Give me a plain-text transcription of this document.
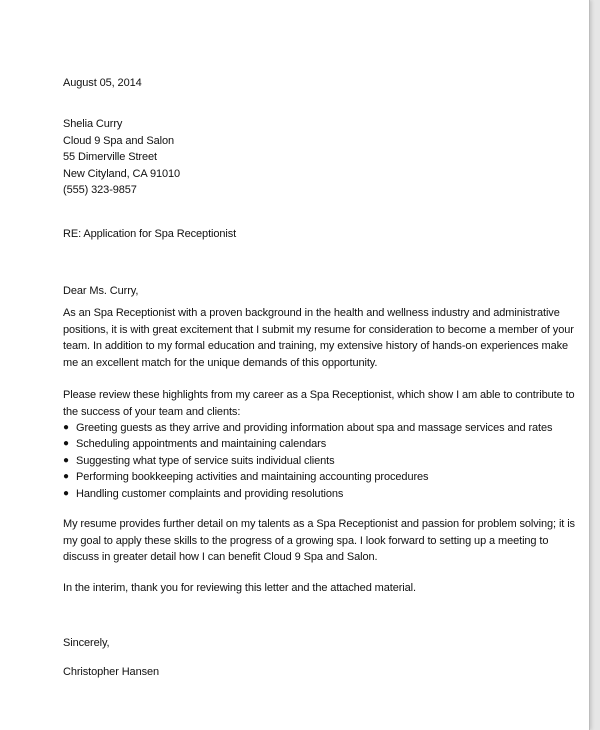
August 05, 2014
Shelia Curry
Cloud 9 Spa and Salon
55 Dimerville Street
New Cityland, CA 91010
(555) 323-9857
RE: Application for Spa Receptionist
Dear Ms. Curry,
As an Spa Receptionist with a proven background in the health and wellness industry and administrative
positions, it is with great excitement that I submit my resume for consideration to become a member of your
team. In addition to my formal education and training, my extensive history of hands-on experiences make
me an excellent match for the unique demands of this opportunity.
Please review these highlights from my career as a Spa Receptionist, which show I am able to contribute to
the success of your team and clients:
● Greeting guests as they arrive and providing information about spa and massage services and rates
● Scheduling appointments and maintaining calendars
● Suggesting what type of service suits individual clients
● Performing bookkeeping activities and maintaining accounting procedures
● Handling customer complaints and providing resolutions
My resume provides further detail on my talents as a Spa Receptionist and passion for problem solving; it is
my goal to apply these skills to the progress of a growing spa. I look forward to setting up a meeting to
discuss in greater detail how I can benefit Cloud 9 Spa and Salon.
In the interim, thank you for reviewing this letter and the attached material.
Sincerely,
Christopher Hansen
